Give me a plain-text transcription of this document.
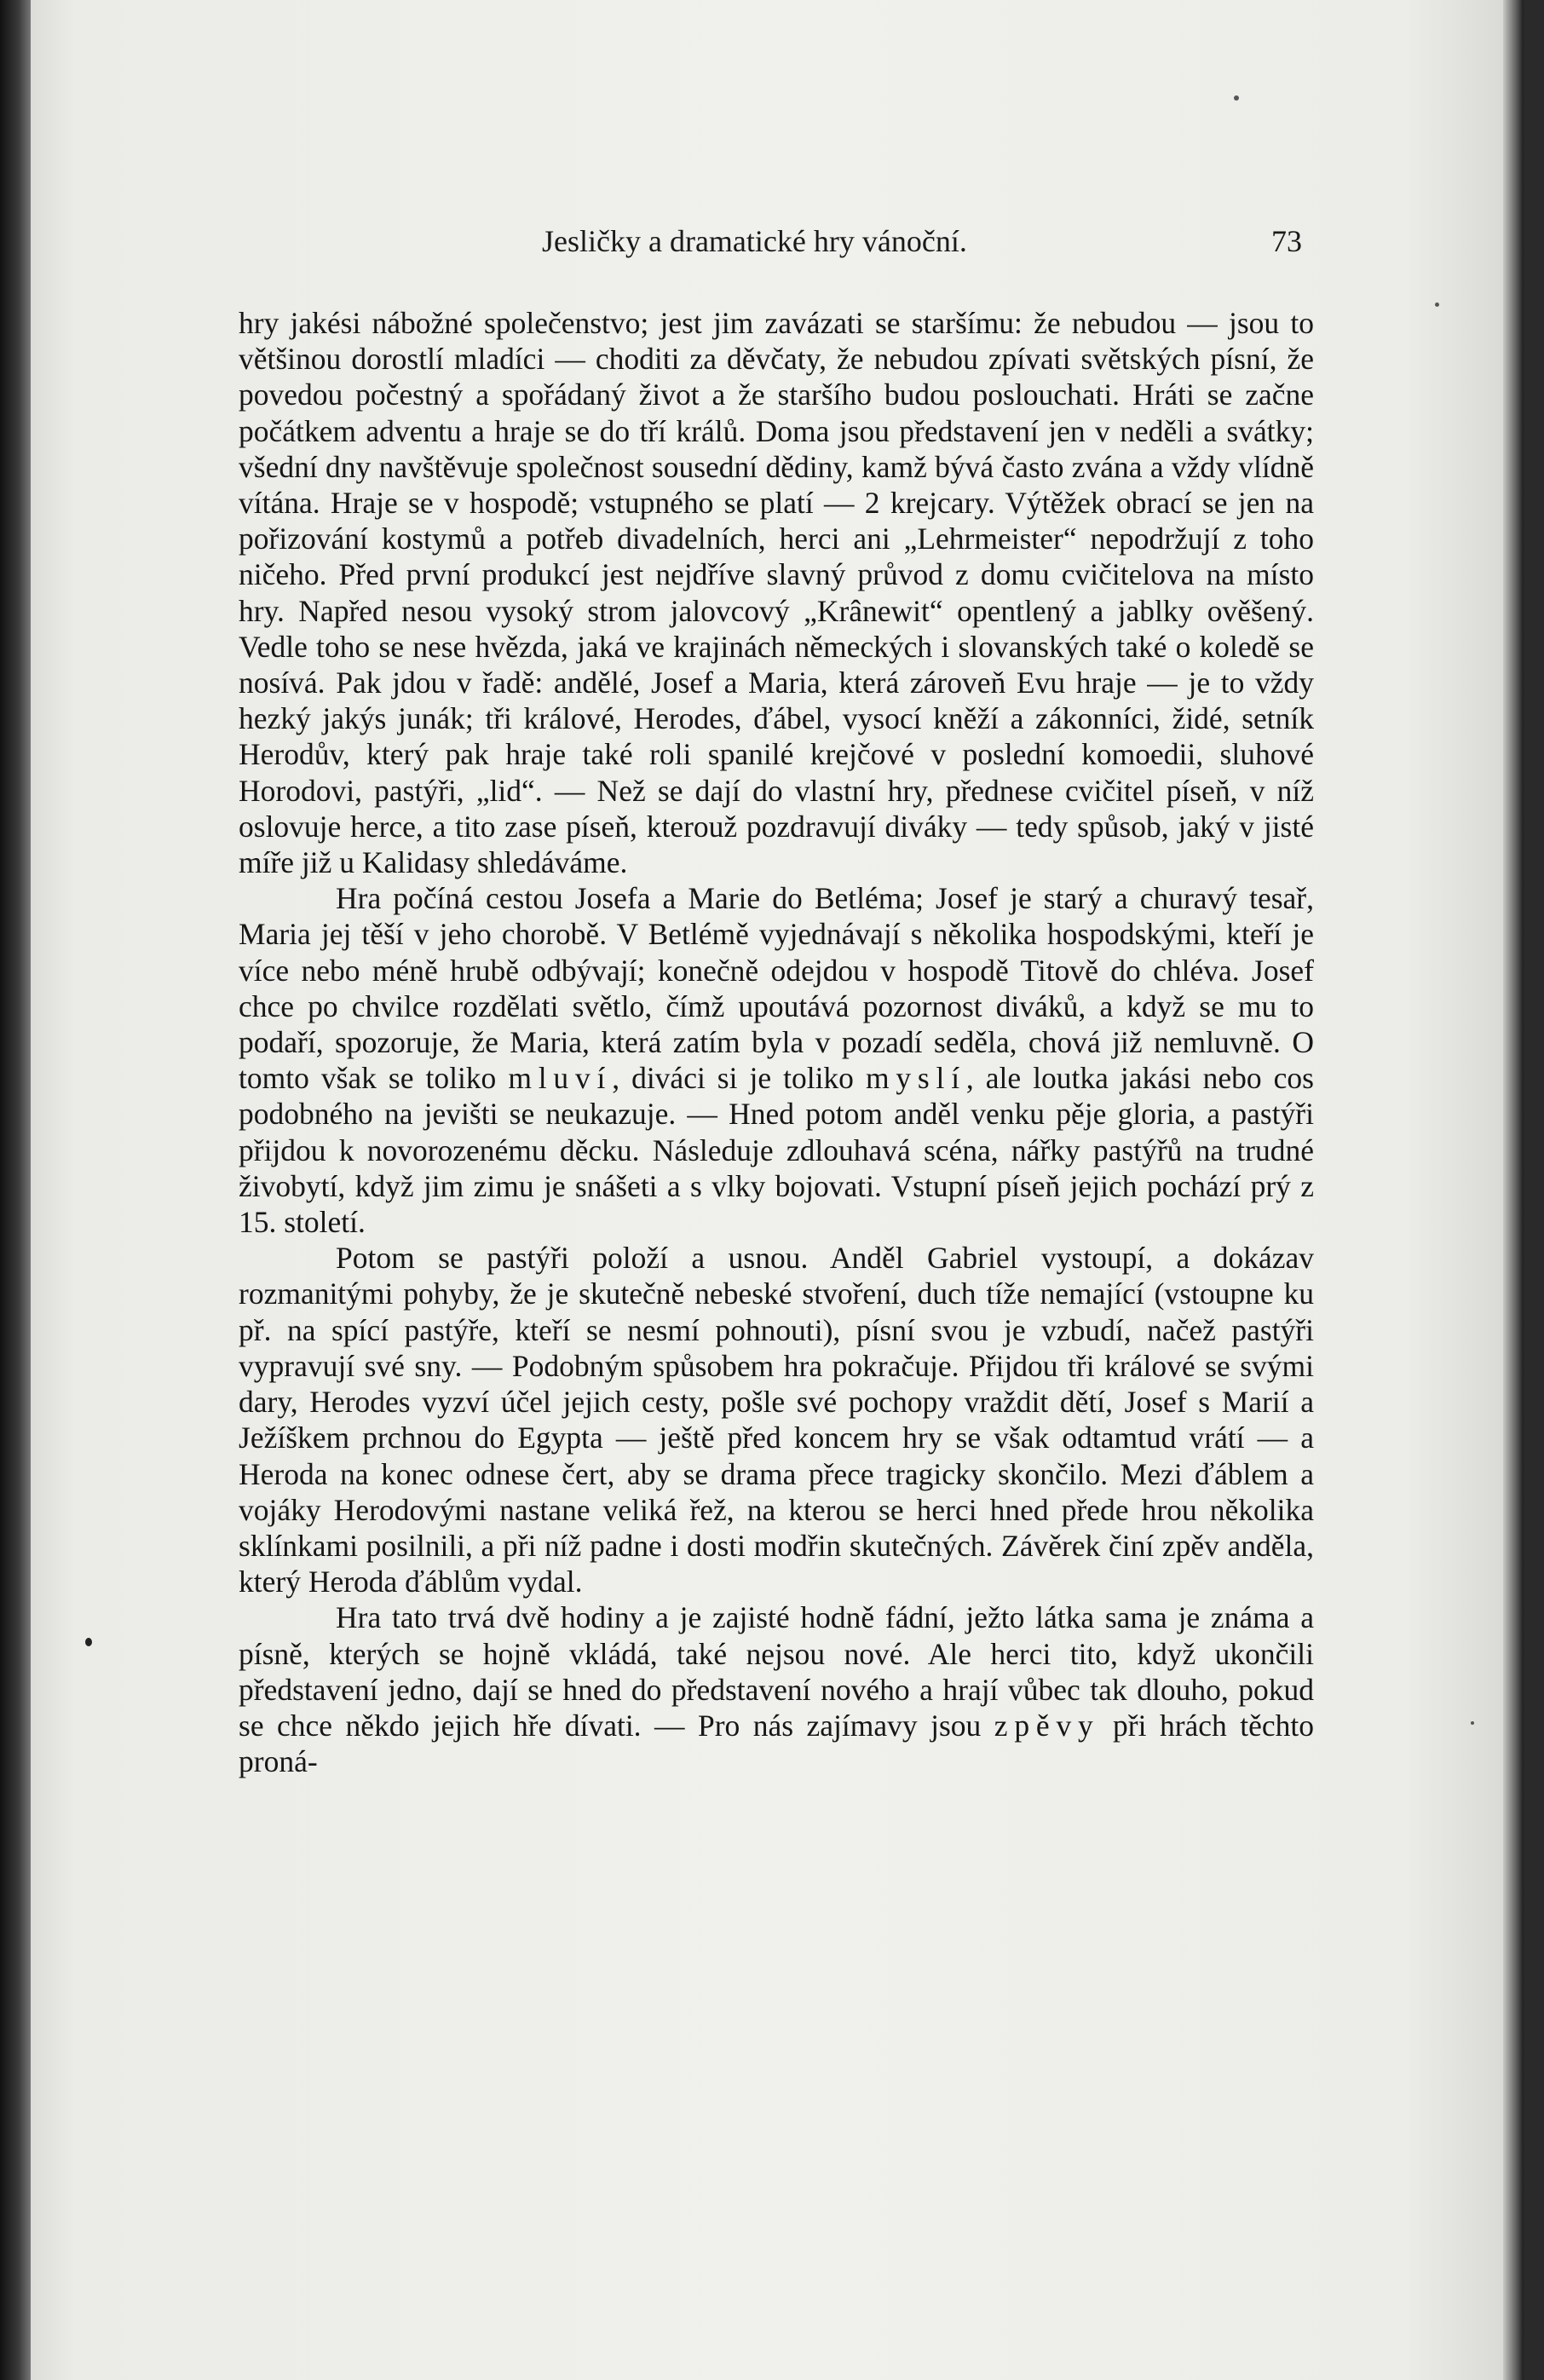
Jesličky a dramatické hry vánoční.	73

hry jakési nábožné společenstvo; jest jim zavázati se staršímu: že nebudou — jsou to většinou dorostlí mladíci — choditi za děvčaty, že nebudou zpívati světských písní, že povedou počestný a spořádaný život a že staršího budou poslouchati. Hráti se začne počátkem adventu a hraje se do tří králů. Doma jsou představení jen v neděli a svátky; všední dny navštěvuje společnost sousední dědiny, kamž bývá často zvána a vždy vlídně vítána. Hraje se v hospodě; vstupného se platí — 2 krejcary. Výtěžek obrací se jen na pořizování kostymů a potřeb divadelních, herci ani „Lehrmeister“ nepodržují z toho ničeho. Před první produkcí jest nejdříve slavný průvod z domu cvičitelova na místo hry. Napřed nesou vysoký strom jalovcový „Krânewit“ opentlený a jablky ověšený. Vedle toho se nese hvězda, jaká ve krajinách německých i slovanských také o koledě se nosívá. Pak jdou v řadě: andělé, Josef a Maria, která zároveň Evu hraje — je to vždy hezký jakýs junák; tři králové, Herodes, ďábel, vysocí kněží a zákonníci, židé, setník Herodův, který pak hraje také roli spanilé krejčové v poslední komoedii, sluhové Horodovi, pastýři, „lid“. — Než se dají do vlastní hry, přednese cvičitel píseň, v níž oslovuje herce, a tito zase píseň, kterouž pozdravují diváky — tedy spůsob, jaký v jisté míře již u Kalidasy shledáváme.

Hra počíná cestou Josefa a Marie do Betléma; Josef je starý a churavý tesař, Maria jej těší v jeho chorobě. V Betlémě vyjednávají s několika hospodskými, kteří je více nebo méně hrubě odbývají; konečně odejdou v hospodě Titově do chléva. Josef chce po chvilce rozdělati světlo, čímž upoutává pozornost diváků, a když se mu to podaří, spozoruje, že Maria, která zatím byla v pozadí seděla, chová již nemluvně. O tomto však se toliko mluví, diváci si je toliko myslí, ale loutka jakási nebo cos podobného na jevišti se neukazuje. — Hned potom anděl venku pěje gloria, a pastýři přijdou k novorozenému děcku. Následuje zdlouhavá scéna, nářky pastýřů na trudné živobytí, když jim zimu je snášeti a s vlky bojovati. Vstupní píseň jejich pochází prý z 15. století.

Potom se pastýři položí a usnou. Anděl Gabriel vystoupí, a dokázav rozmanitými pohyby, že je skutečně nebeské stvoření, duch tíže nemající (vstoupne ku př. na spící pastýře, kteří se nesmí pohnouti), písní svou je vzbudí, načež pastýři vypravují své sny. — Podobným spůsobem hra pokračuje. Přijdou tři králové se svými dary, Herodes vyzví účel jejich cesty, pošle své pochopy vraždit dětí, Josef s Marií a Ježíškem prchnou do Egypta — ještě před koncem hry se však odtamtud vrátí — a Heroda na konec odnese čert, aby se drama přece tragicky skončilo. Mezi ďáblem a vojáky Herodovými nastane veliká řež, na kterou se herci hned přede hrou několika sklínkami posilnili, a při níž padne i dosti modřin skutečných. Závěrek činí zpěv anděla, který Heroda ďáblům vydal.

Hra tato trvá dvě hodiny a je zajisté hodně fádní, ježto látka sama je známa a písně, kterých se hojně vkládá, také nejsou nové. Ale herci tito, když ukončili představení jedno, dají se hned do představení nového a hrají vůbec tak dlouho, pokud se chce někdo jejich hře dívati. — Pro nás zajímavy jsou zpěvy při hrách těchto proná-
